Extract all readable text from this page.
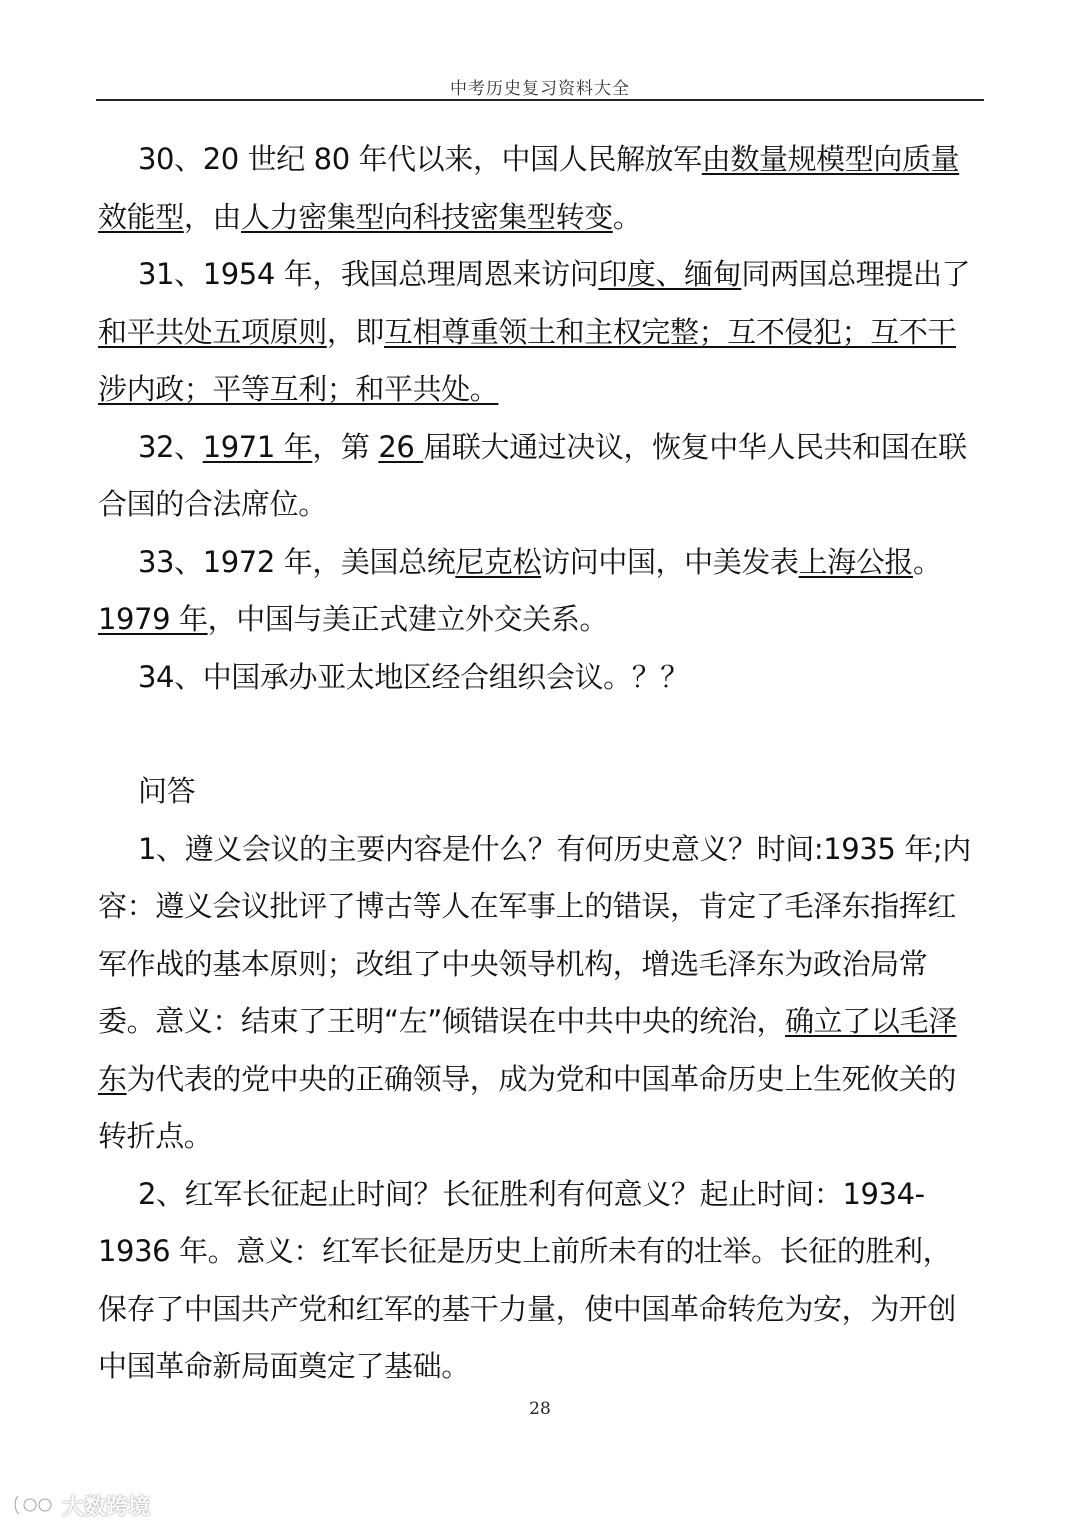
中考历史复习资料大全

30、20 世纪 80 年代以来，中国人民解放军由数量规模型向质量效能型，由人力密集型向科技密集型转变。

31、1954 年，我国总理周恩来访问印度、缅甸同两国总理提出了和平共处五项原则，即互相尊重领土和主权完整；互不侵犯；互不干涉内政；平等互利；和平共处。

32、1971 年，第 26 届联大通过决议，恢复中华人民共和国在联合国的合法席位。

33、1972 年，美国总统尼克松访问中国，中美发表上海公报。1979 年，中国与美正式建立外交关系。

34、中国承办亚太地区经合组织会议。？？

问答

1、遵义会议的主要内容是什么？有何历史意义？时间:1935 年;内容：遵义会议批评了博古等人在军事上的错误，肯定了毛泽东指挥红军作战的基本原则；改组了中央领导机构，增选毛泽东为政治局常委。意义：结束了王明“左”倾错误在中共中央的统治，确立了以毛泽东为代表的党中央的正确领导，成为党和中国革命历史上生死攸关的转折点。

2、红军长征起止时间？长征胜利有何意义？起止时间：1934-1936 年。意义：红军长征是历史上前所未有的壮举。长征的胜利，保存了中国共产党和红军的基干力量，使中国革命转危为安，为开创中国革命新局面奠定了基础。

28
大数跨境
